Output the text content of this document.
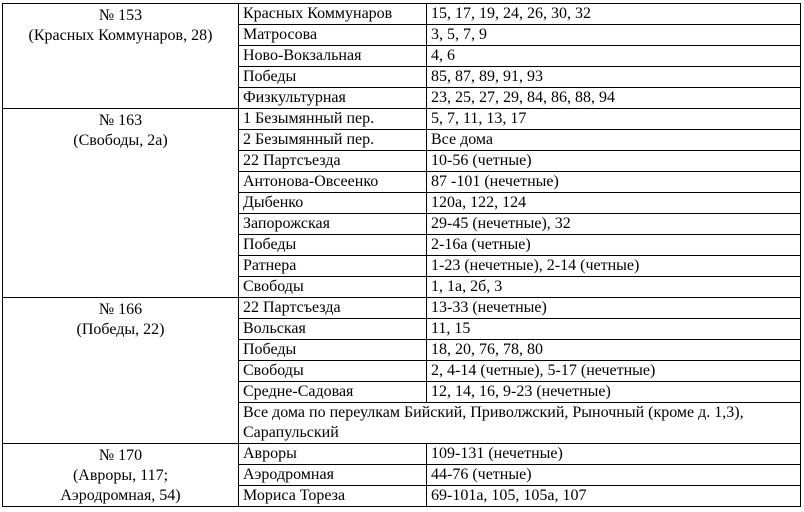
№ 153
(Красных Коммунаров, 28)	Красных Коммунаров	15, 17, 19, 24, 26, 30, 32
	Матросова	3, 5, 7, 9
	Ново-Вокзальная	4, 6
	Победы	85, 87, 89, 91, 93
	Физкультурная	23, 25, 27, 29, 84, 86, 88, 94

№ 163
(Свободы, 2а)	1 Безымянный пер.	5, 7, 11, 13, 17
	2 Безымянный пер.	Все дома
	22 Партсъезда	10-56 (четные)
	Антонова-Овсеенко	87 -101 (нечетные)
	Дыбенко	120а, 122, 124
	Запорожская	29-45 (нечетные), 32
	Победы	2-16а (четные)
	Ратнера	1-23 (нечетные), 2-14 (четные)
	Свободы	1, 1а, 2б, 3

№ 166
(Победы, 22)	22 Партсъезда	13-33 (нечетные)
	Вольская	11, 15
	Победы	18, 20, 76, 78, 80
	Свободы	2, 4-14 (четные), 5-17 (нечетные)
	Средне-Садовая	12, 14, 16, 9-23 (нечетные)
	Все дома по переулкам Бийский, Приволжский, Рыночный (кроме д. 1,3), Сарапульский	

№ 170
(Авроры, 117;
Аэродромная, 54)	Авроры	109-131 (нечетные)
	Аэродромная	44-76 (четные)
	Мориса Тореза	69-101а, 105, 105а, 107
